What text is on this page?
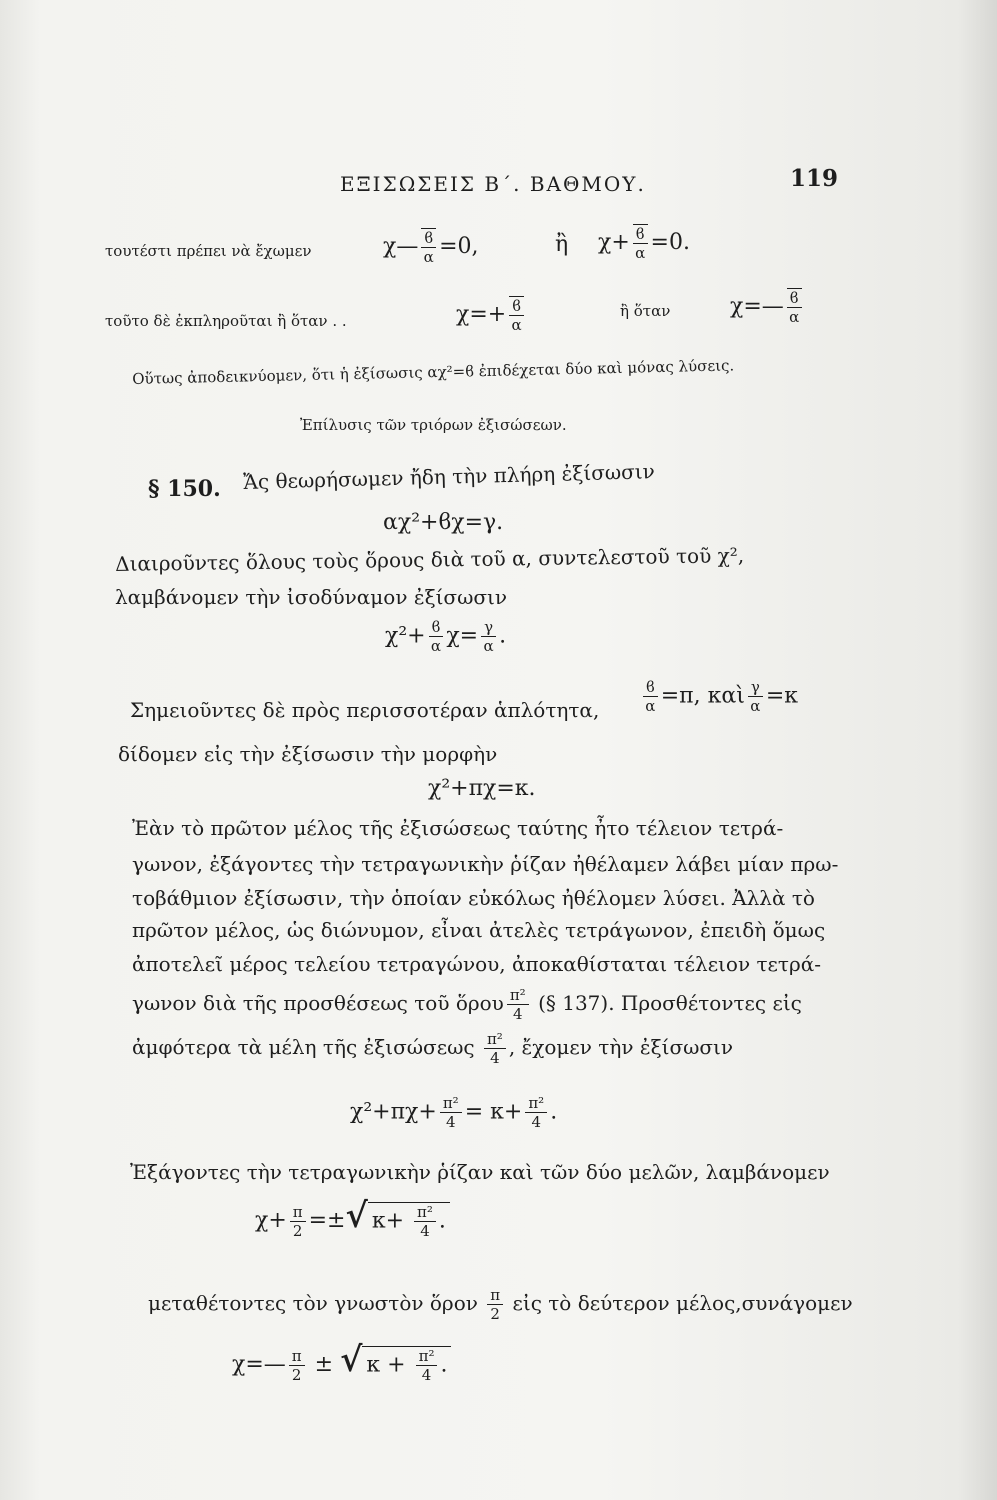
ΕΞΙΣΩΣΕΙΣ Β΄. ΒΑΘΜΟΥ.	119
τουτέστι πρέπει νὰ ἔχωμεν	χ— $\frac{ϐ}{\alpha} =0$,	ἢ $\chi+ \frac{ϐ}{\alpha} =0$.
τοῦτο δὲ ἐκπληροῦται ἢ ὅταν . .	$\chi=+ \frac{ϐ}{\alpha}$	ἢ ὅταν	χ=— $\frac{ϐ}{\alpha}$
Οὕτως ἀποδεικνύομεν, ὅτι ἡ ἐξίσωσις αχ²=ϐ ἐπιδέχεται δύο καὶ μόνας λύσεις.
Ἐπίλυσις τῶν τριόρων ἐξισώσεων.
§ 150. Ἄς θεωρήσωμεν ἤδη τὴν πλήρη ἐξίσωσιν
αχ²+ϐχ=γ.
Διαιροῦντες ὅλους τοὺς ὅρους διὰ τοῦ α, συντελεστοῦ τοῦ χ²,
λαμβάνομεν τὴν ἰσοδύναμον ἐξίσωσιν
$\chi^2+ \frac{ϐ}{\alpha} \chi= \frac{\gamma}{\alpha}$ .
Σημειοῦντες δὲ πρὸς περισσοτέραν ἁπλότητα,	$\frac{ϐ}{\alpha} =\pi$, καὶ $\frac{\gamma}{\alpha} =\kappa$
δίδομεν εἰς τὴν ἐξίσωσιν τὴν μορφὴν
χ²+πχ=κ.
Ἐὰν τὸ πρῶτον μέλος τῆς ἐξισώσεως ταύτης ἦτο τέλειον τετρά-
γωνον, ἐξάγοντες τὴν τετραγωνικὴν ῥίζαν ἠθέλαμεν λάβει μίαν πρω-
τοβάθμιον ἐξίσωσιν, τὴν ὁποίαν εὐκόλως ἠθέλομεν λύσει. Ἀλλὰ τὸ
πρῶτον μέλος, ὡς διώνυμον, εἶναι ἀτελὲς τετράγωνον, ἐπειδὴ ὅμως
ἀποτελεῖ μέρος τελείου τετραγώνου, ἀποκαθίσταται τέλειον τετρά-
γωνον διὰ τῆς προσθέσεως τοῦ ὅρου $\frac{\text{π²}}{4}$ (§ 137). Προσθέτοντες εἰς
ἀμφότερα τὰ μέλη τῆς ἐξισώσεως $\frac{\text{π²}}{4}$ , ἔχομεν τὴν ἐξίσωσιν
$\chi^2+\pi\chi+ \frac{\text{π²}}{4} = \kappa+ \frac{\text{π²}}{4}$ .
Ἐξάγοντες τὴν τετραγωνικὴν ῥίζαν καὶ τῶν δύο μελῶν, λαμβάνομεν
$\chi+ \frac{\pi}{2}$ =±√ $\kappa+ \frac{\text{π²}}{4}$ .
μεταθέτοντες τὸν γνωστὸν ὅρον $\frac{\pi}{2}$ εἰς τὸ δεύτερον μέλος,συνάγομεν
χ=— $\frac{\pi}{2}$ ± √ $\kappa + \frac{\text{π²}}{4}$ .
